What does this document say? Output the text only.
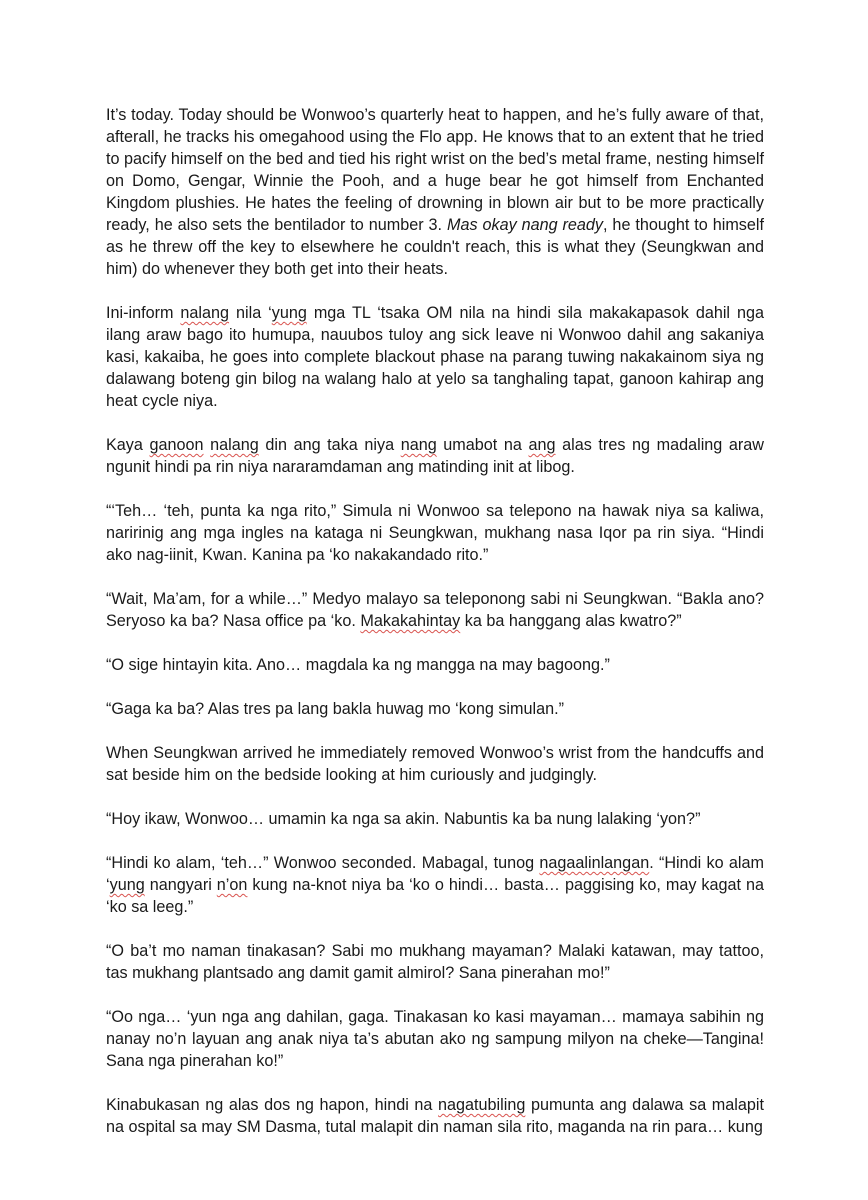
It’s today. Today should be Wonwoo’s quarterly heat to happen, and he’s fully aware of that, afterall, he tracks his omegahood using the Flo app. He knows that to an extent that he tried to pacify himself on the bed and tied his right wrist on the bed’s metal frame, nesting himself on Domo, Gengar, Winnie the Pooh, and a huge bear he got himself from Enchanted Kingdom plushies. He hates the feeling of drowning in blown air but to be more practically ready, he also sets the bentilador to number 3. Mas okay nang ready, he thought to himself as he threw off the key to elsewhere he couldn't reach, this is what they (Seungkwan and him) do whenever they both get into their heats.

Ini-inform nalang nila ‘yung mga TL ‘tsaka OM nila na hindi sila makakapasok dahil nga ilang araw bago ito humupa, nauubos tuloy ang sick leave ni Wonwoo dahil ang sakaniya kasi, kakaiba, he goes into complete blackout phase na parang tuwing nakakainom siya ng dalawang boteng gin bilog na walang halo at yelo sa tanghaling tapat, ganoon kahirap ang heat cycle niya.

Kaya ganoon nalang din ang taka niya nang umabot na ang alas tres ng madaling araw ngunit hindi pa rin niya nararamdaman ang matinding init at libog.

“‘Teh… ‘teh, punta ka nga rito,” Simula ni Wonwoo sa telepono na hawak niya sa kaliwa, naririnig ang mga ingles na kataga ni Seungkwan, mukhang nasa Iqor pa rin siya. “Hindi ako nag-iinit, Kwan. Kanina pa ‘ko nakakandado rito.”

“Wait, Ma’am, for a while…” Medyo malayo sa teleponong sabi ni Seungkwan. “Bakla ano? Seryoso ka ba? Nasa office pa ‘ko. Makakahintay ka ba hanggang alas kwatro?”

“O sige hintayin kita. Ano… magdala ka ng mangga na may bagoong.”

“Gaga ka ba? Alas tres pa lang bakla huwag mo ‘kong simulan.”

When Seungkwan arrived he immediately removed Wonwoo’s wrist from the handcuffs and sat beside him on the bedside looking at him curiously and judgingly.

“Hoy ikaw, Wonwoo… umamin ka nga sa akin. Nabuntis ka ba nung lalaking ‘yon?”

“Hindi ko alam, ‘teh…” Wonwoo seconded. Mabagal, tunog nagaalinlangan. “Hindi ko alam ‘yung nangyari n’on kung na-knot niya ba ‘ko o hindi… basta… paggising ko, may kagat na ‘ko sa leeg.”

“O ba’t mo naman tinakasan? Sabi mo mukhang mayaman? Malaki katawan, may tattoo, tas mukhang plantsado ang damit gamit almirol? Sana pinerahan mo!”

“Oo nga… ‘yun nga ang dahilan, gaga. Tinakasan ko kasi mayaman… mamaya sabihin ng nanay no’n layuan ang anak niya ta’s abutan ako ng sampung milyon na cheke—Tangina! Sana nga pinerahan ko!”

Kinabukasan ng alas dos ng hapon, hindi na nagatubiling pumunta ang dalawa sa malapit na ospital sa may SM Dasma, tutal malapit din naman sila rito, maganda na rin para… kung
